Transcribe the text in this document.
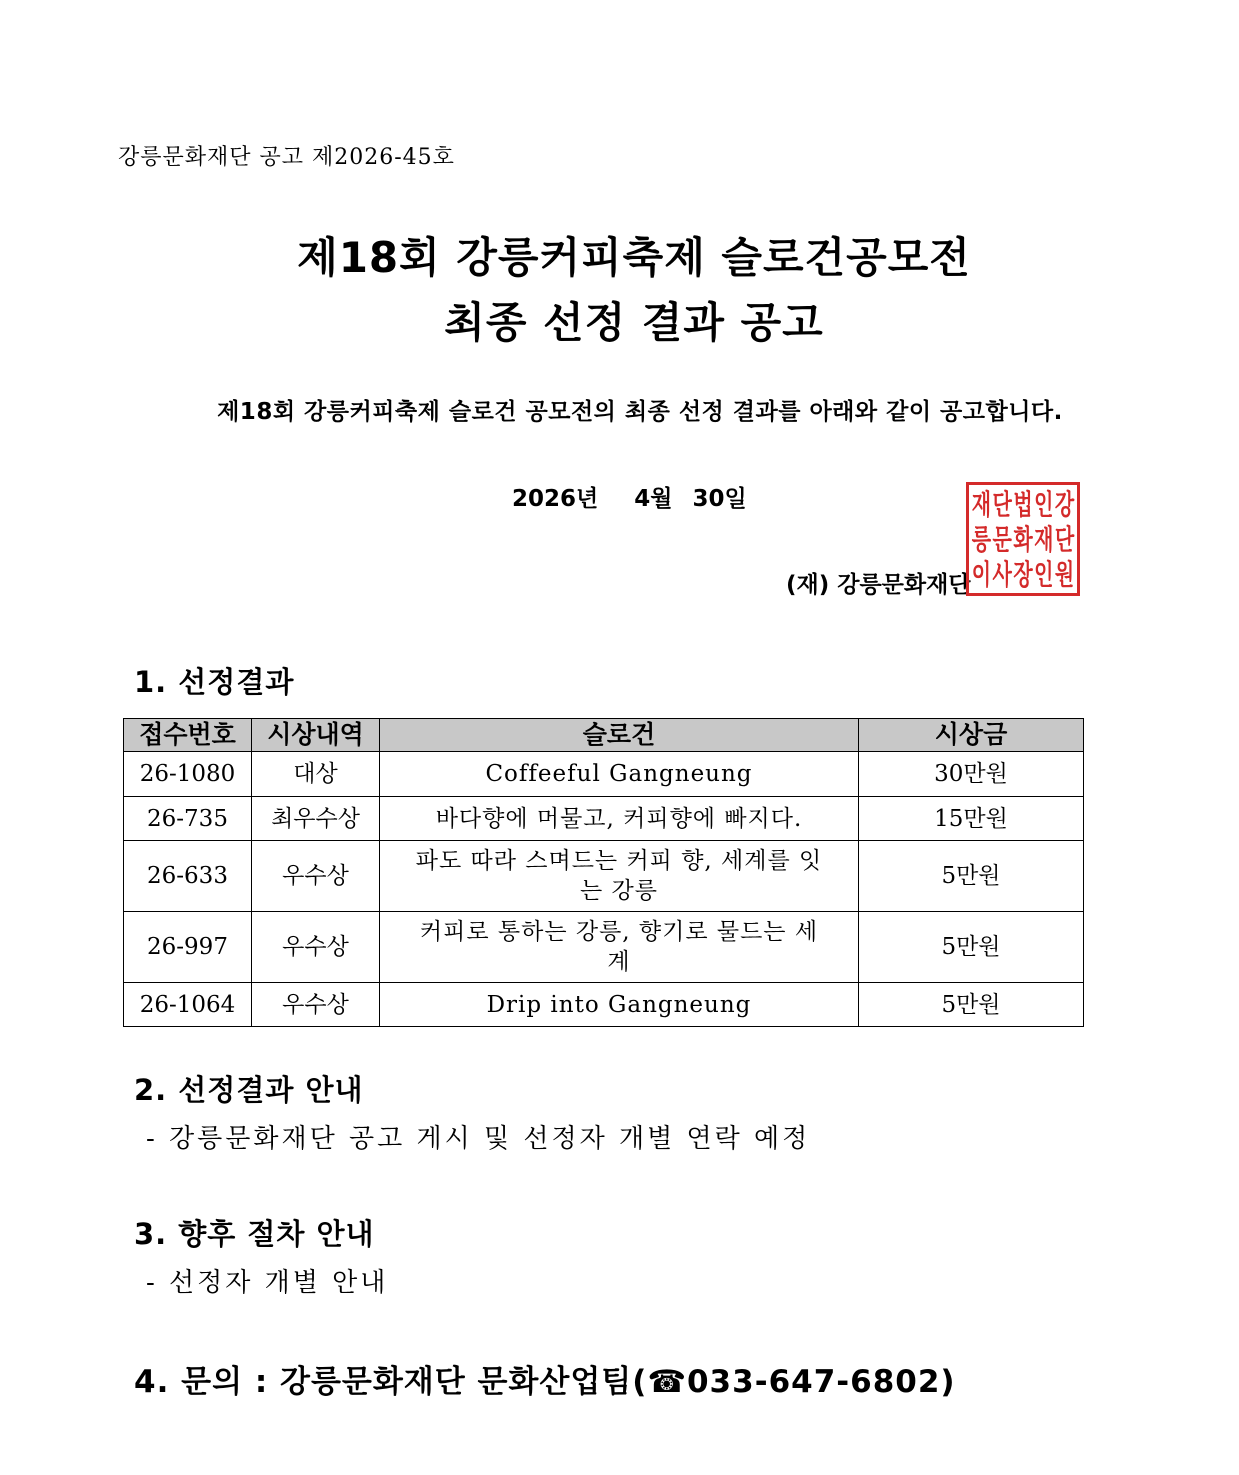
강릉문화재단 공고 제2026-45호
제18회 강릉커피축제 슬로건공모전
최종 선정 결과 공고
제18회 강릉커피축제 슬로건 공모전의 최종 선정 결과를 아래와 같이 공고합니다.
2026년 4월 30일
(재) 강릉문화재단
재 단 법 인 강
릉 문 화 재 단
이 사 장 인 원
1. 선정결과
접수번호	시상내역	슬로건	시상금
26-1080	대상	Coffeeful Gangneung	30만원
26-735	최우수상	바다향에 머물고, 커피향에 빠지다.	15만원
26-633	우수상	파도 따라 스며드는 커피 향, 세계를 잇는 강릉	5만원
26-997	우수상	커피로 통하는 강릉, 향기로 물드는 세계	5만원
26-1064	우수상	Drip into Gangneung	5만원
2. 선정결과 안내
- 강릉문화재단 공고 게시 및 선정자 개별 연락 예정
3. 향후 절차 안내
- 선정자 개별 안내
4. 문의 : 강릉문화재단 문화산업팀(☎033-647-6802)
